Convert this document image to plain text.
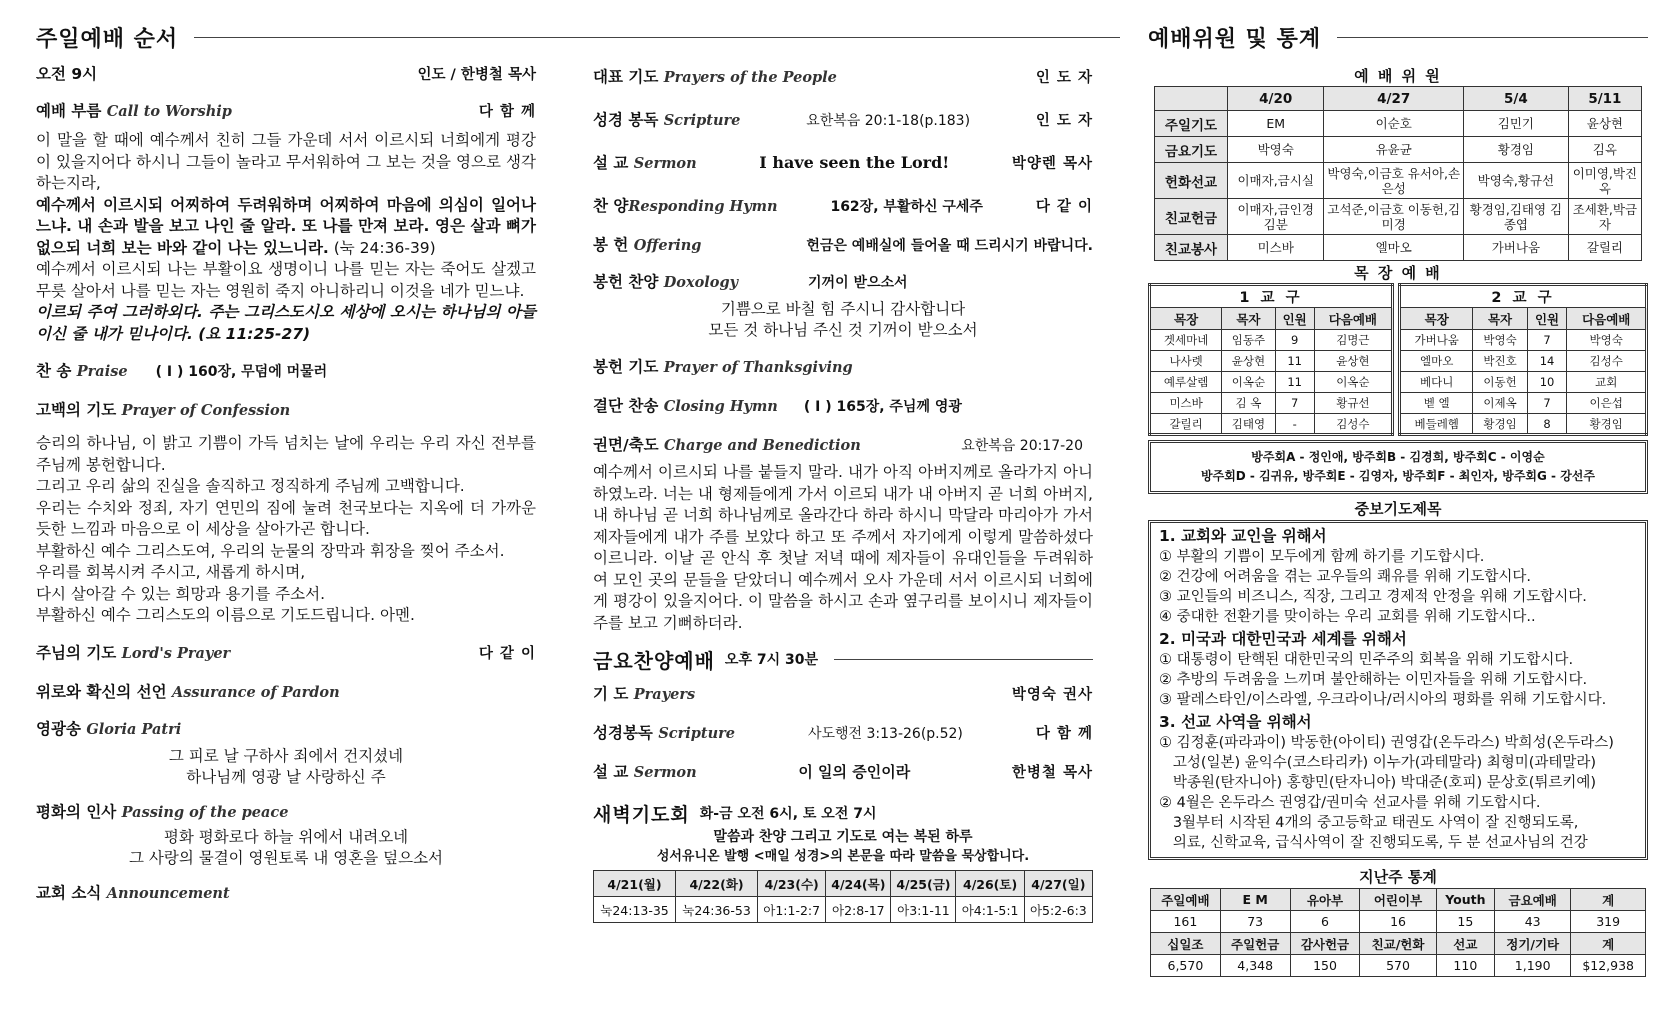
주일예배 순서	예배위원 및 통계
오전 9시	인도 / 한병철 목사
예배 부름 Call to Worship	다 함 께

이 말을 할 때에 예수께서 친히 그들 가운데 서서 이르시되 너희에게 평강이 있을지어다 하시니 그들이 놀라고 무서워하여 그 보는 것을 영으로 생각하는지라,

예수께서 이르시되 어찌하여 두려워하며 어찌하여 마음에 의심이 일어나느냐. 내 손과 발을 보고 나인 줄 알라. 또 나를 만져 보라. 영은 살과 뼈가 없으되 너희 보는 바와 같이 나는 있느니라. (눅 24:36-39)

예수께서 이르시되 나는 부활이요 생명이니 나를 믿는 자는 죽어도 살겠고 무릇 살아서 나를 믿는 자는 영원히 죽지 아니하리니 이것을 네가 믿느냐.

이르되 주여 그러하외다. 주는 그리스도시오 세상에 오시는 하나님의 아들이신 줄 내가 믿나이다. (요 11:25-27)

찬 송 Praise	( I ) 160장, 무덤에 머물러
고백의 기도 Prayer of Confession

승리의 하나님, 이 밝고 기쁨이 가득 넘치는 날에 우리는 우리 자신 전부를 주님께 봉헌합니다.

그리고 우리 삶의 진실을 솔직하고 정직하게 주님께 고백합니다.

우리는 수치와 정죄, 자기 연민의 짐에 눌려 천국보다는 지옥에 더 가까운 듯한 느낌과 마음으로 이 세상을 살아가곤 합니다.

부활하신 예수 그리스도여, 우리의 눈물의 장막과 휘장을 찢어 주소서.

우리를 회복시켜 주시고, 새롭게 하시며,

다시 살아갈 수 있는 희망과 용기를 주소서.

부활하신 예수 그리스도의 이름으로 기도드립니다. 아멘.

주님의 기도 Lord's Prayer	다 같 이
위로와 확신의 선언 Assurance of Pardon
영광송 Gloria Patri

그 피로 날 구하사 죄에서 건지셨네

하나님께 영광 날 사랑하신 주

평화의 인사 Passing of the peace

평화 평화로다 하늘 위에서 내려오네

그 사랑의 물결이 영원토록 내 영혼을 덮으소서

교회 소식 Announcement
대표 기도 Prayers of the People	인 도 자
성경 봉독 Scripture	요한복음 20:1-18(p.183)	인 도 자
설 교 Sermon	I have seen the Lord!	박양렌 목사
찬 양Responding Hymn	162장, 부활하신 구세주	다 같 이
봉 헌 Offering	헌금은 예배실에 들어올 때 드리시기 바랍니다.
봉헌 찬양 Doxology	기꺼이 받으소서

기쁨으로 바칠 힘 주시니 감사합니다

모든 것 하나님 주신 것 기꺼이 받으소서

봉헌 기도 Prayer of Thanksgiving
결단 찬송 Closing Hymn	( I ) 165장, 주님께 영광
권면/축도 Charge and Benediction	요한복음 20:17-20
예수께서 이르시되 나를 붙들지 말라. 내가 아직 아버지께로 올라가지 아니하였노라. 너는 내 형제들에게 가서 이르되 내가 내 아버지 곧 너희 아버지, 내 하나님 곧 너희 하나님께로 올라간다 하라 하시니 막달라 마리아가 가서 제자들에게 내가 주를 보았다 하고 또 주께서 자기에게 이렇게 말씀하셨다 이르니라. 이날 곧 안식 후 첫날 저녁 때에 제자들이 유대인들을 두려워하여 모인 곳의 문들을 닫았더니 예수께서 오사 가운데 서서 이르시되 너희에게 평강이 있을지어다. 이 말씀을 하시고 손과 옆구리를 보이시니 제자들이 주를 보고 기뻐하더라.
금요찬양예배 오후 7시 30분
기 도 Prayers	박영숙 권사
성경봉독 Scripture	사도행전 3:13-26(p.52)	다 함 께
설 교 Sermon	이 일의 증인이라	한병철 목사
새벽기도회 화-금 오전 6시, 토 오전 7시

말씀과 찬양 그리고 기도로 여는 복된 하루

성서유니온 발행 <매일 성경>의 본문을 따라 말씀을 묵상합니다.

4/21(월)	4/22(화)	4/23(수)	4/24(목)	4/25(금)	4/26(토)	4/27(일)
눅24:13-35	눅24:36-53	아1:1-2:7	아2:8-17	아3:1-11	아4:1-5:1	아5:2-6:3
예 배 위 원
	4/20	4/27	5/4	5/11
주일기도	EM	이순호	김민기	윤상현
금요기도	박영숙	유윤균	황경임	김옥
헌화선교	이매자,금시실	박영숙,이금호 유서아,손은성	박영숙,황규선	이미영,박진옥
친교헌금	이매자,금인경 김분	고석준,이금호 이동헌,김미경	황경임,김태영 김종엽	조세환,박금자
친교봉사	미스바	엘마오	가버나움	갈릴리
목 장 예 배
1 교 구			
목장	목자	인원	다음예배
겟세마네	임동주	9	김명근
나사렛	윤상현	11	윤상현
예루살렘	이옥순	11	이옥순
미스바	김 옥	7	황규선
갈릴리	김태영	-	김성수
2 교 구			
목장	목자	인원	다음예배
가버나움	박영숙	7	박영숙
엘마오	박진호	14	김성수
베다니	이동헌	10	교회
벧 엘	이제옥	7	이은섭
베들레헴	황경임	8	황경임
방주회A - 정인애, 방주회B - 김경희, 방주회C - 이영순
방주회D - 김귀유, 방주회E - 김영자, 방주회F - 최인자, 방주회G - 강선주
중보기도제목
1. 교회와 교인을 위해서
① 부활의 기쁨이 모두에게 함께 하기를 기도합시다.
② 건강에 어려움을 겪는 교우들의 쾌유를 위해 기도합시다.
③ 교인들의 비즈니스, 직장, 그리고 경제적 안정을 위해 기도합시다.
④ 중대한 전환기를 맞이하는 우리 교회를 위해 기도합시다..
2. 미국과 대한민국과 세계를 위해서
① 대통령이 탄핵된 대한민국의 민주주의 회복을 위해 기도합시다.
② 추방의 두려움을 느끼며 불안해하는 이민자들을 위해 기도합시다.
③ 팔레스타인/이스라엘, 우크라이나/러시아의 평화를 위해 기도합시다.
3. 선교 사역을 위해서
① 김정훈(파라과이) 박동한(아이티) 권영갑(온두라스) 박희성(온두라스)
고성(일본) 윤익수(코스타리카) 이누가(과테말라) 최형미(과테말라)
박종원(탄자니아) 홍향민(탄자니아) 박대준(호피) 문상호(튀르키예)
② 4월은 온두라스 권영갑/권미숙 선교사를 위해 기도합시다.
3월부터 시작된 4개의 중고등학교 태권도 사역이 잘 진행되도록,
의료, 신학교육, 급식사역이 잘 진행되도록, 두 분 선교사님의 건강
지난주 통계
주일예배	E M	유아부	어린이부	Youth	금요예배	계
161	73	6	16	15	43	319
십일조	주일헌금	감사헌금	친교/헌화	선교	정기/기타	계
6,570	4,348	150	570	110	1,190	$12,938
